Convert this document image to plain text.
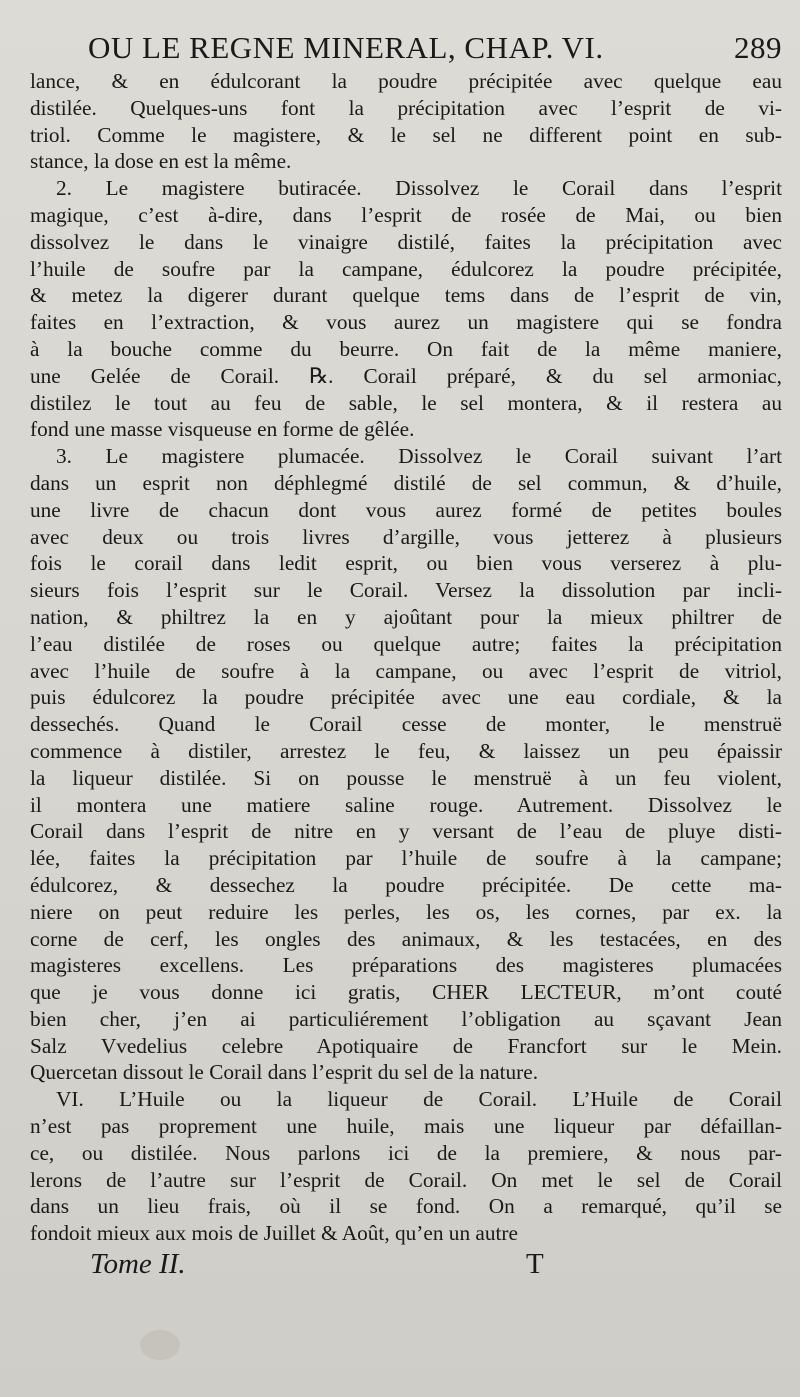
OU LE REGNE MINERAL, CHAP. VI.	289
lance, & en édulcorant la poudre précipitée avec quelque eau
distilée. Quelques-uns font la précipitation avec l’esprit de vi-
triol. Comme le magistere, & le sel ne different point en sub-
stance, la dose en est la même.
2. Le magistere butiracée. Dissolvez le Corail dans l’esprit
magique, c’est à-dire, dans l’esprit de rosée de Mai, ou bien
dissolvez le dans le vinaigre distilé, faites la précipitation avec
l’huile de soufre par la campane, édulcorez la poudre précipitée,
& metez la digerer durant quelque tems dans de l’esprit de vin,
faites en l’extraction, & vous aurez un magistere qui se fondra
à la bouche comme du beurre. On fait de la même maniere,
une Gelée de Corail. ℞. Corail préparé, & du sel armoniac,
distilez le tout au feu de sable, le sel montera, & il restera au
fond une masse visqueuse en forme de gêlée.
3. Le magistere plumacée. Dissolvez le Corail suivant l’art
dans un esprit non déphlegmé distilé de sel commun, & d’huile,
une livre de chacun dont vous aurez formé de petites boules
avec deux ou trois livres d’argille, vous jetterez à plusieurs
fois le corail dans ledit esprit, ou bien vous verserez à plu-
sieurs fois l’esprit sur le Corail. Versez la dissolution par incli-
nation, & philtrez la en y ajoûtant pour la mieux philtrer de
l’eau distilée de roses ou quelque autre; faites la précipitation
avec l’huile de soufre à la campane, ou avec l’esprit de vitriol,
puis édulcorez la poudre précipitée avec une eau cordiale, & la
dessechés. Quand le Corail cesse de monter, le menstruë
commence à distiler, arrestez le feu, & laissez un peu épaissir
la liqueur distilée. Si on pousse le menstruë à un feu violent,
il montera une matiere saline rouge. Autrement. Dissolvez le
Corail dans l’esprit de nitre en y versant de l’eau de pluye disti-
lée, faites la précipitation par l’huile de soufre à la campane;
édulcorez, & dessechez la poudre précipitée. De cette ma-
niere on peut reduire les perles, les os, les cornes, par ex. la
corne de cerf, les ongles des animaux, & les testacées, en des
magisteres excellens. Les préparations des magisteres plumacées
que je vous donne ici gratis, CHER LECTEUR, m’ont couté
bien cher, j’en ai particuliérement l’obligation au sçavant Jean
Salz Vvedelius celebre Apotiquaire de Francfort sur le Mein.
Quercetan dissout le Corail dans l’esprit du sel de la nature.
VI. L’Huile ou la liqueur de Corail. L’Huile de Corail
n’est pas proprement une huile, mais une liqueur par défaillan-
ce, ou distilée. Nous parlons ici de la premiere, & nous par-
lerons de l’autre sur l’esprit de Corail. On met le sel de Corail
dans un lieu frais, où il se fond. On a remarqué, qu’il se
fondoit mieux aux mois de Juillet & Août, qu’en un autre
Tome II.	T
